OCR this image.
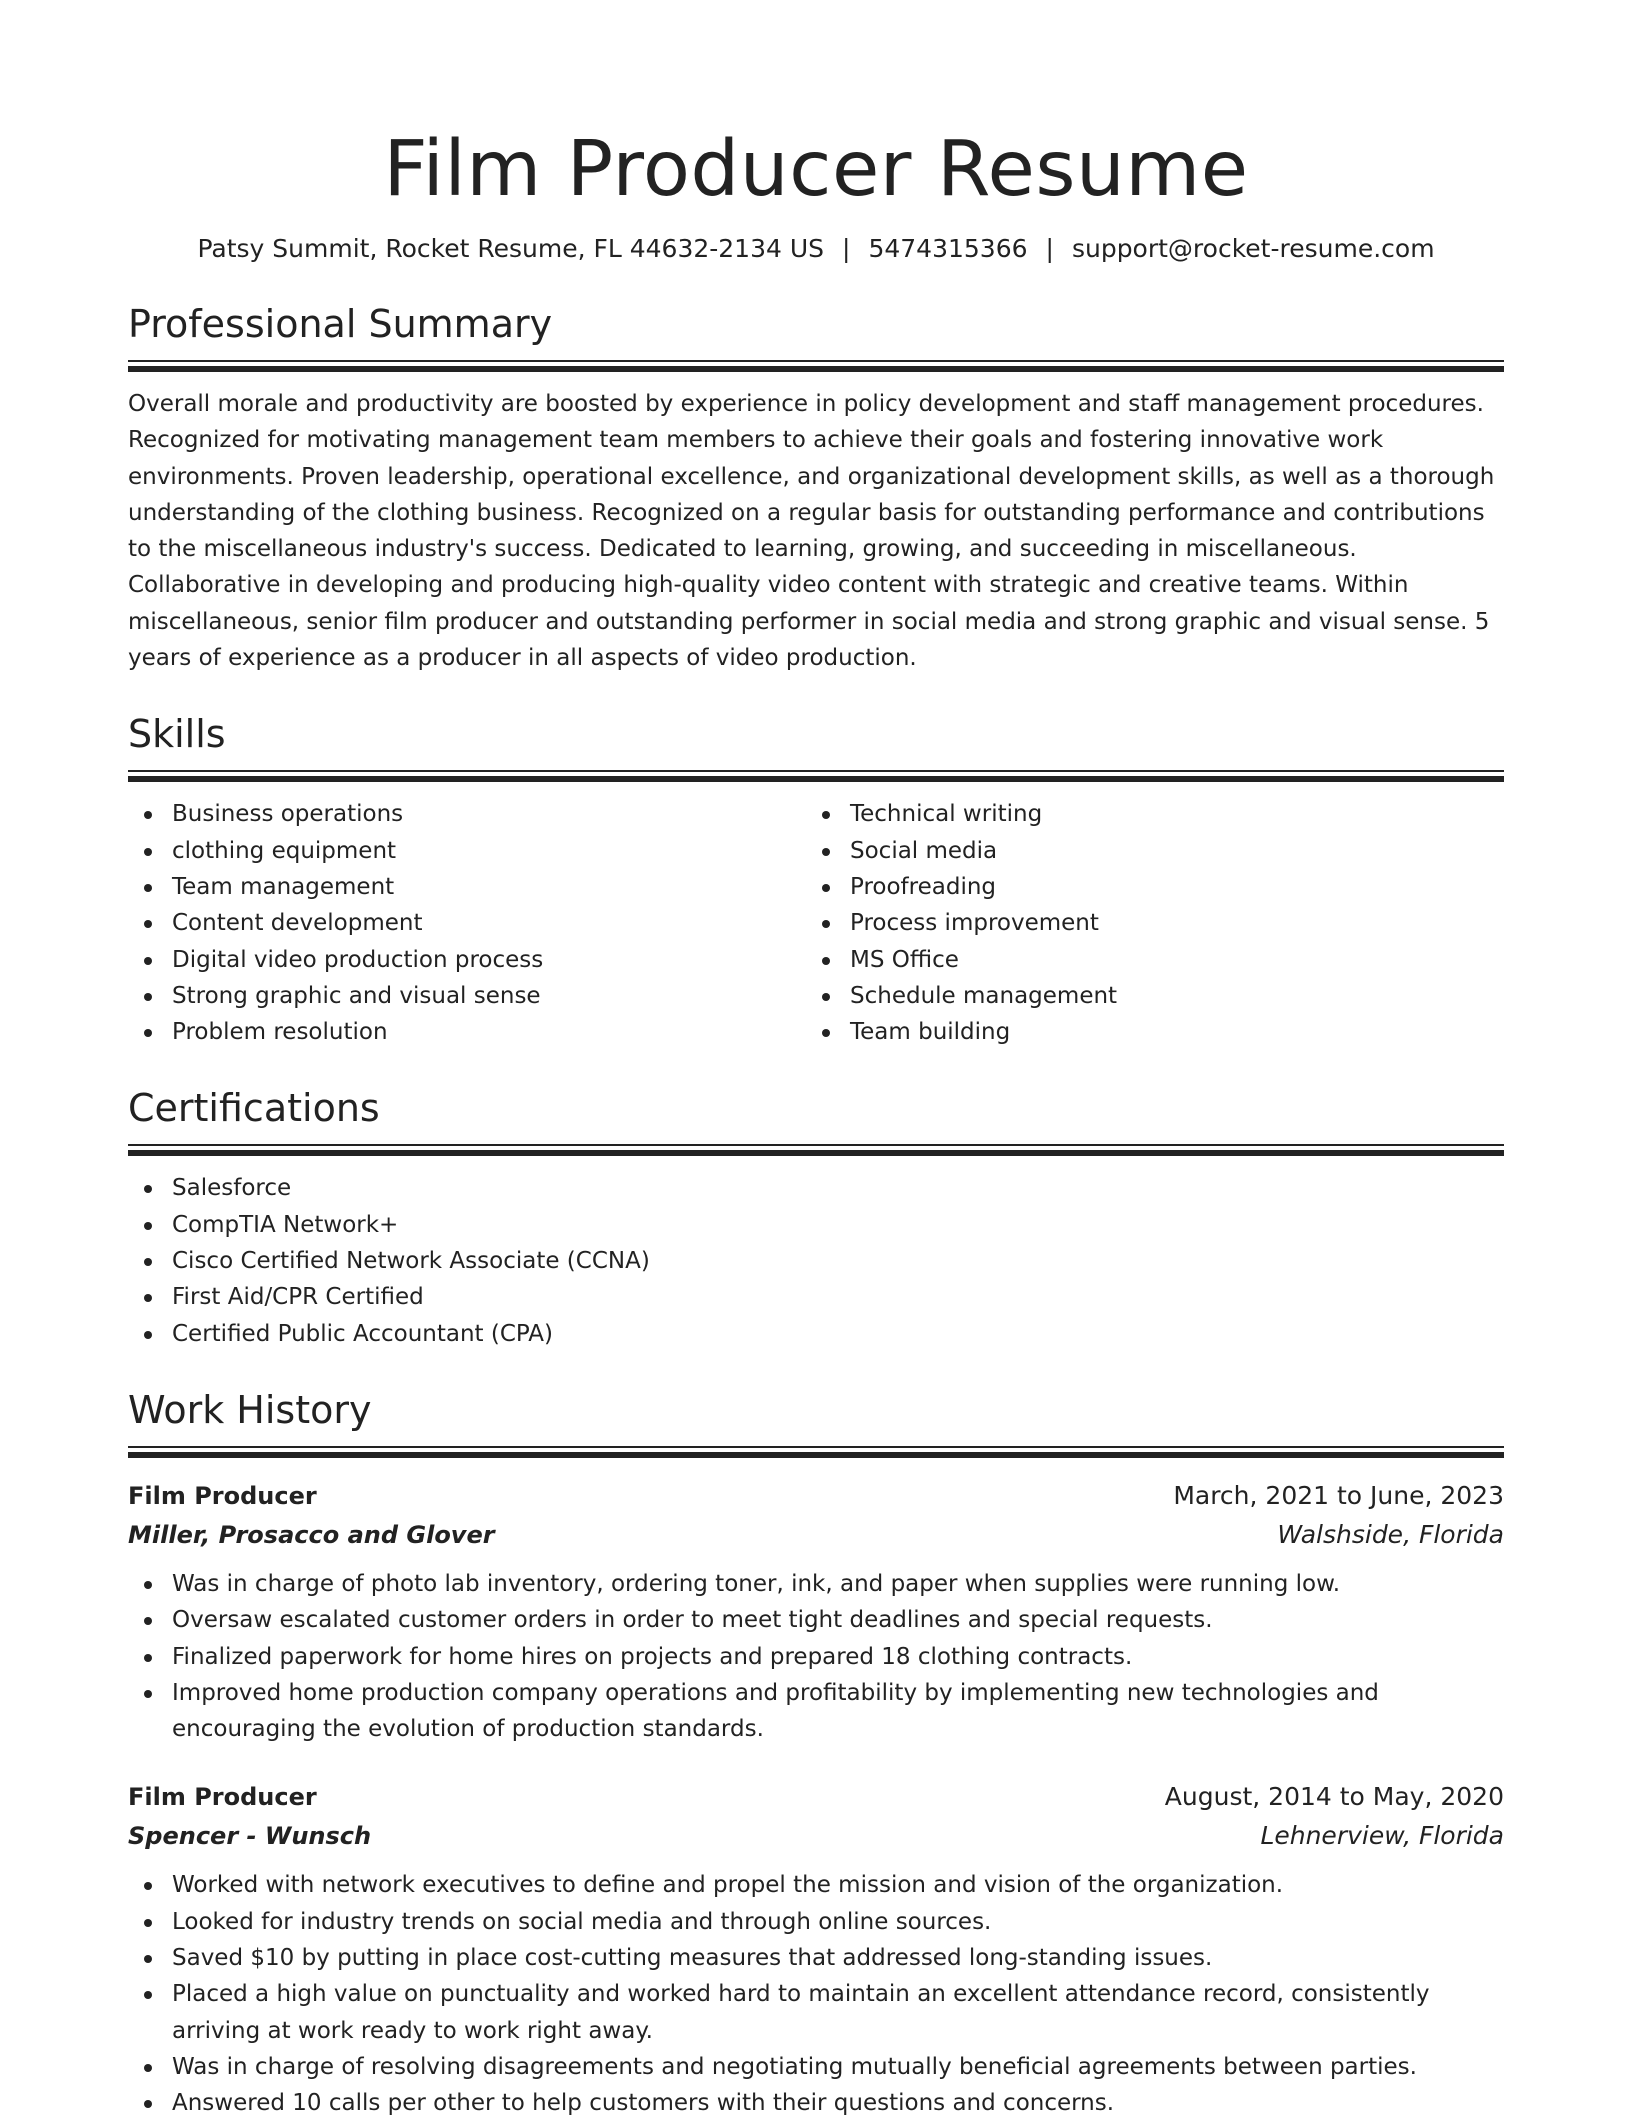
Film Producer Resume
Patsy Summit, Rocket Resume, FL 44632-2134 US | 5474315366 | support@rocket-resume.com
Professional Summary

Overall morale and productivity are boosted by experience in policy development and staff management procedures. Recognized for motivating management team members to achieve their goals and fostering innovative work environments. Proven leadership, operational excellence, and organizational development skills, as well as a thorough understanding of the clothing business. Recognized on a regular basis for outstanding performance and contributions to the miscellaneous industry's success. Dedicated to learning, growing, and succeeding in miscellaneous. Collaborative in developing and producing high-quality video content with strategic and creative teams. Within miscellaneous, senior film producer and outstanding performer in social media and strong graphic and visual sense. 5 years of experience as a producer in all aspects of video production.

Skills
Business operations
clothing equipment
Team management
Content development
Digital video production process
Strong graphic and visual sense
Problem resolution
Technical writing
Social media
Proofreading
Process improvement
MS Office
Schedule management
Team building
Certifications
Salesforce
CompTIA Network+
Cisco Certified Network Associate (CCNA)
First Aid/CPR Certified
Certified Public Accountant (CPA)
Work History
Film Producer	March, 2021 to June, 2023
Miller, Prosacco and Glover	Walshside, Florida
Was in charge of photo lab inventory, ordering toner, ink, and paper when supplies were running low.
Oversaw escalated customer orders in order to meet tight deadlines and special requests.
Finalized paperwork for home hires on projects and prepared 18 clothing contracts.
Improved home production company operations and profitability by implementing new technologies and encouraging the evolution of production standards.
Film Producer	August, 2014 to May, 2020
Spencer - Wunsch	Lehnerview, Florida
Worked with network executives to define and propel the mission and vision of the organization.
Looked for industry trends on social media and through online sources.
Saved $10 by putting in place cost-cutting measures that addressed long-standing issues.
Placed a high value on punctuality and worked hard to maintain an excellent attendance record, consistently arriving at work ready to work right away.
Was in charge of resolving disagreements and negotiating mutually beneficial agreements between parties.
Answered 10 calls per other to help customers with their questions and concerns.
